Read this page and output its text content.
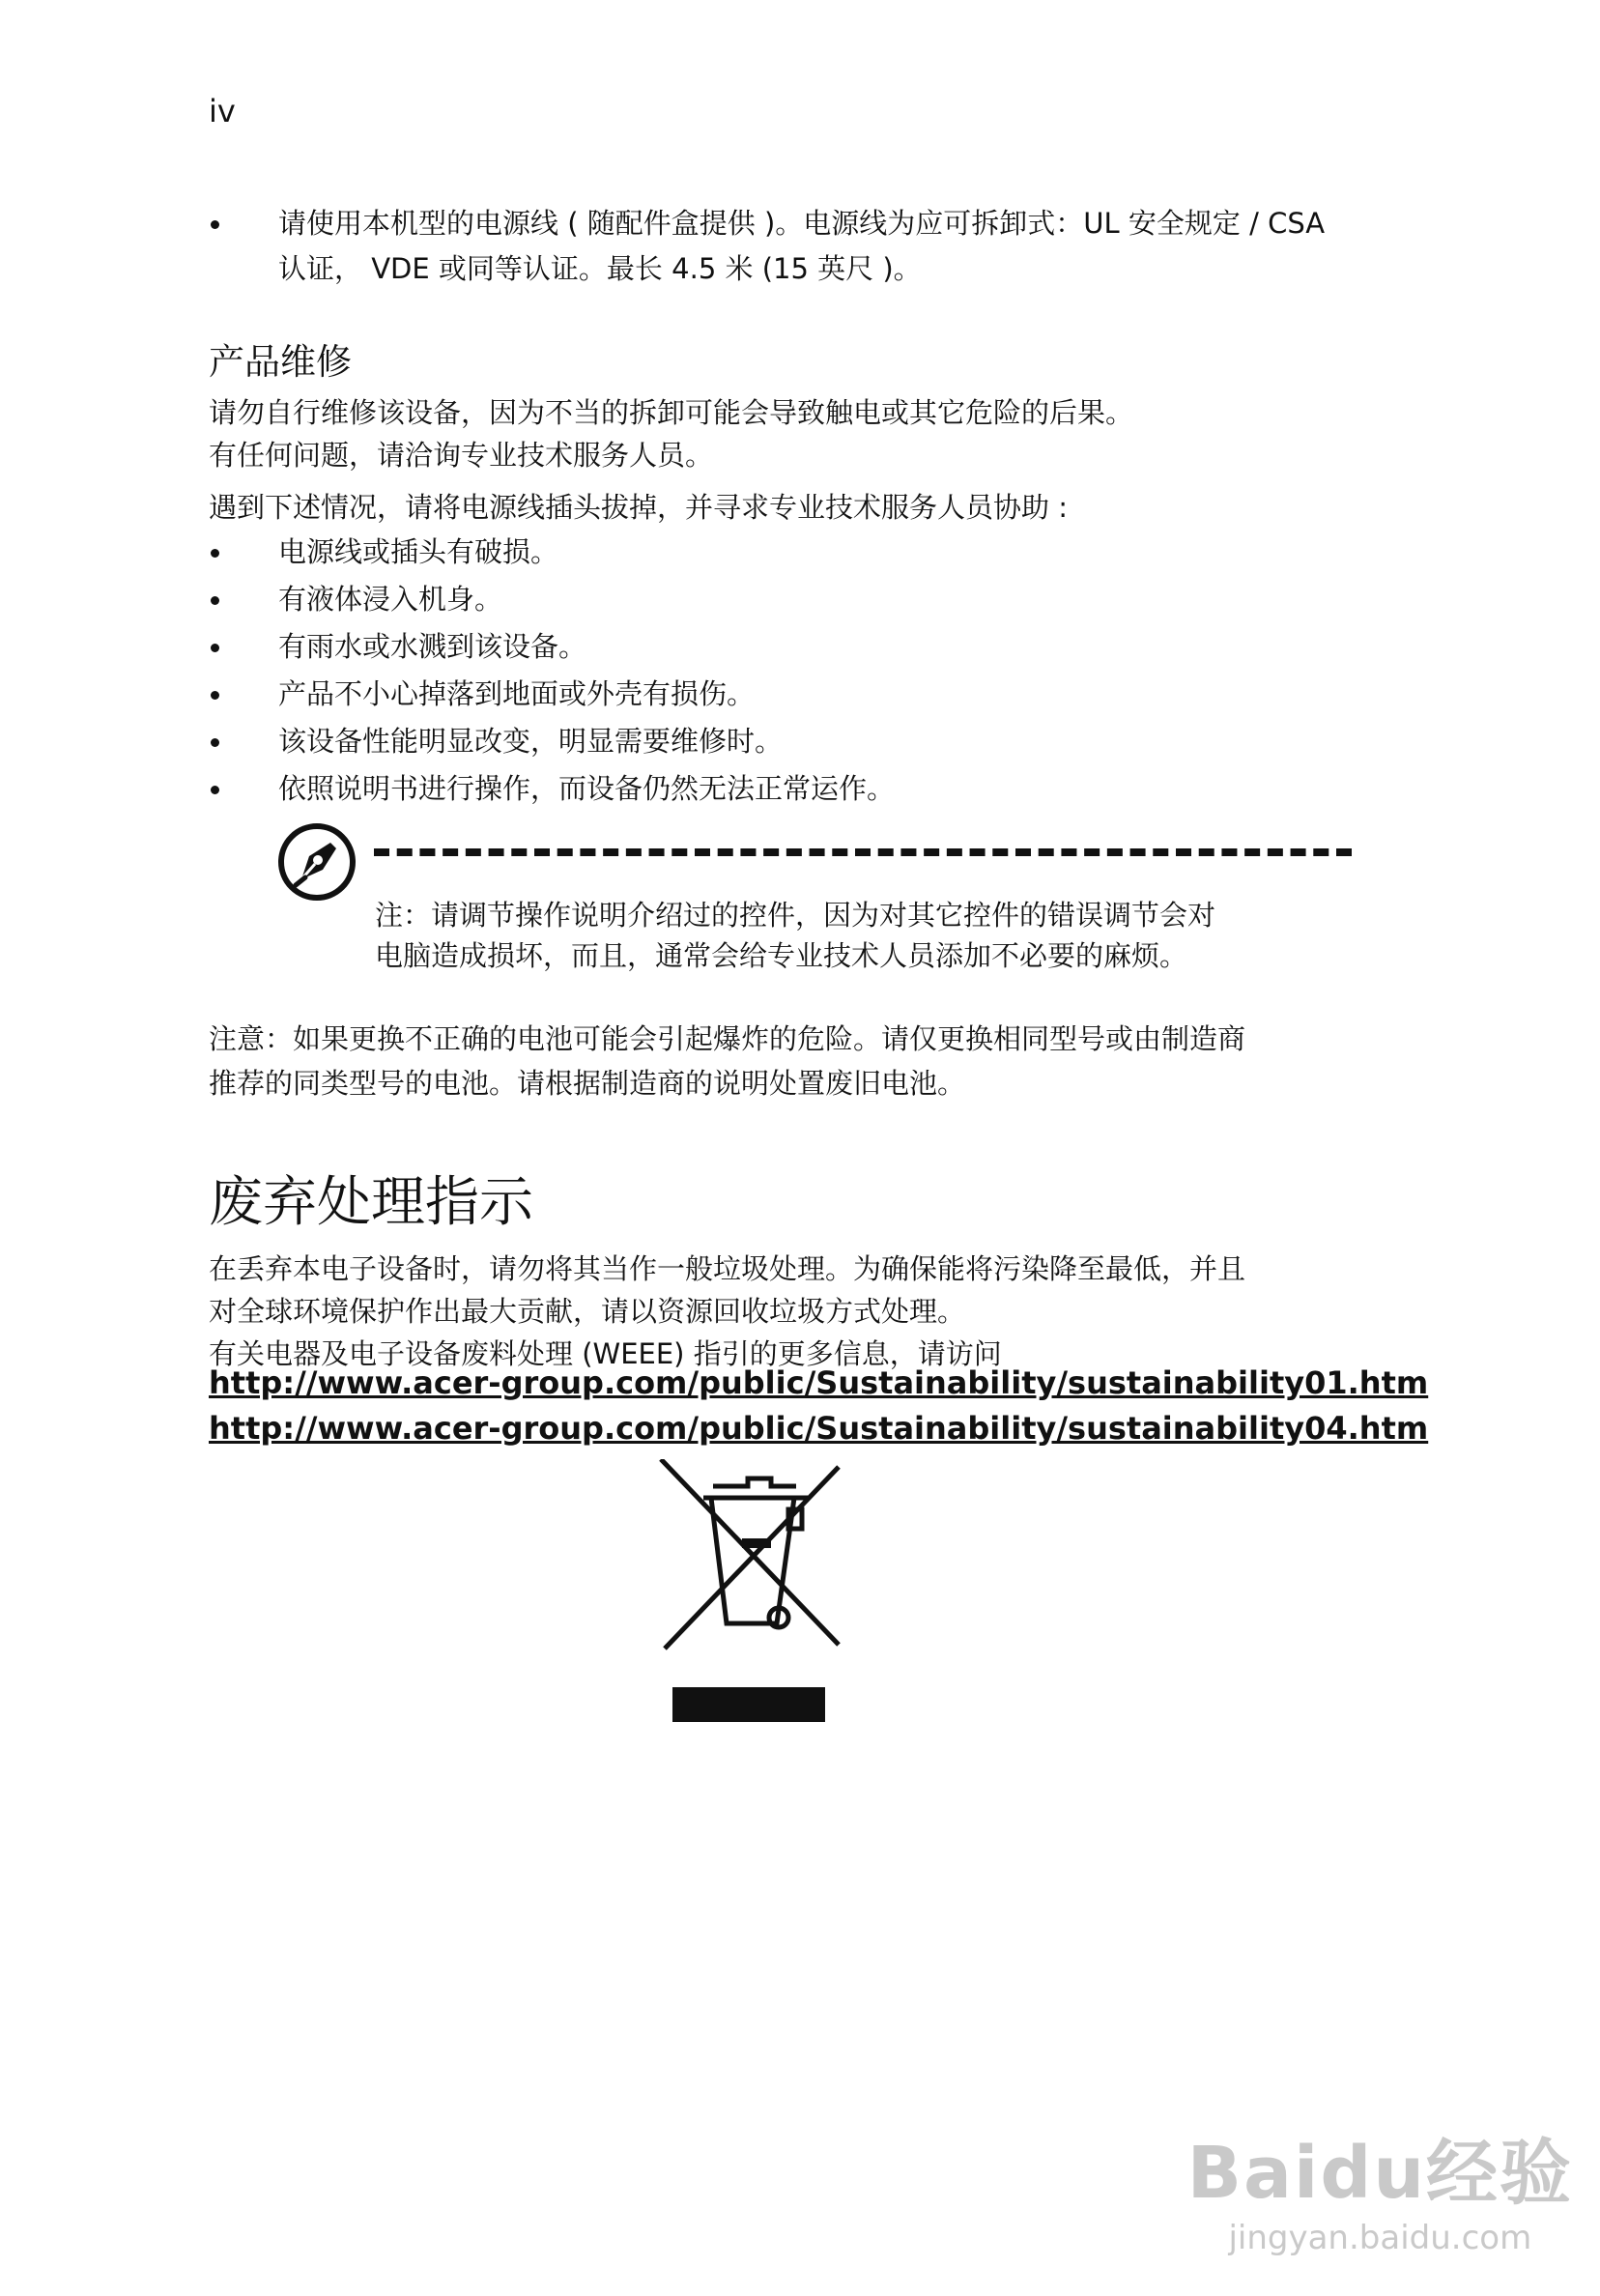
iv
请使用本机型的电源线 ( 随配件盒提供 )。电源线为应可拆卸式：UL 安全规定 / CSA 认证， VDE 或同等认证。最长 4.5 米 (15 英尺 )。
产品维修
请勿自行维修该设备，因为不当的拆卸可能会导致触电或其它危险的后果。
有任何问题，请洽询专业技术服务人员。
遇到下述情况，请将电源线插头拔掉，并寻求专业技术服务人员协助 :
电源线或插头有破损。
有液体浸入机身。
有雨水或水溅到该设备。
产品不小心掉落到地面或外壳有损伤。
该设备性能明显改变，明显需要维修时。
依照说明书进行操作，而设备仍然无法正常运作。
注：请调节操作说明介绍过的控件，因为对其它控件的错误调节会对
电脑造成损坏，而且，通常会给专业技术人员添加不必要的麻烦。
注意：如果更换不正确的电池可能会引起爆炸的危险。请仅更换相同型号或由制造商
推荐的同类型号的电池。请根据制造商的说明处置废旧电池。
废弃处理指示
在丢弃本电子设备时，请勿将其当作一般垃圾处理。为确保能将污染降至最低，并且
对全球环境保护作出最大贡献，请以资源回收垃圾方式处理。
有关电器及电子设备废料处理 (WEEE) 指引的更多信息，请访问
http://www.acer-group.com/public/Sustainability/sustainability01.htm
http://www.acer-group.com/public/Sustainability/sustainability04.htm
Baidu经验
jingyan.baidu.com
